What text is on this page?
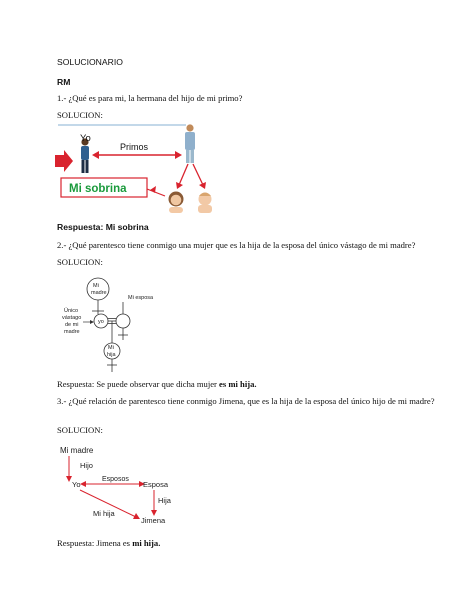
SOLUCIONARIO
RM
1.- ¿Qué es para mi, la hermana del hijo de mi primo?
SOLUCION:
Yo
Primos
Mi sobrina
Respuesta: Mi sobrina
2.- ¿Qué parentesco tiene conmigo una mujer que es la hija de la esposa del único vástago de mi madre?
SOLUCION:
Mi
madre
Mi esposa
Único
vástago
de mi
madre
yo
Mi
hija
Respuesta: Se puede observar que dicha mujer es mi hija.
3.- ¿Qué relación de parentesco tiene conmigo Jimena, que es la hija de la esposa del único hijo de mi madre?
SOLUCION:
Mi madre
Hijo
Yo
Esposos
Esposa
Hija
Mi hija
Jimena
Respuesta: Jimena es mi hija.
